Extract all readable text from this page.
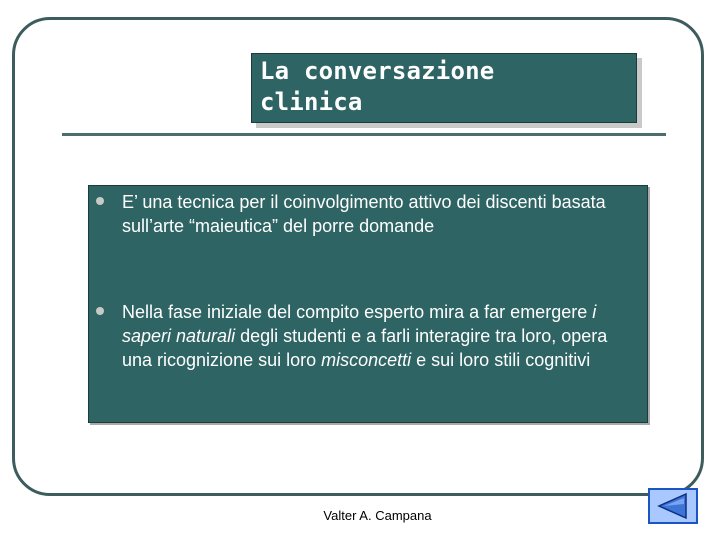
La conversazione

clinica

E’ una tecnica per il coinvolgimento attivo dei discenti basata sull’arte “maieutica” del porre domande

Nella fase iniziale del compito esperto mira a far emergere i saperi naturali degli studenti e a farli interagire tra loro, opera una ricognizione sui loro misconcetti e sui loro stili cognitivi

Valter A. Campana
